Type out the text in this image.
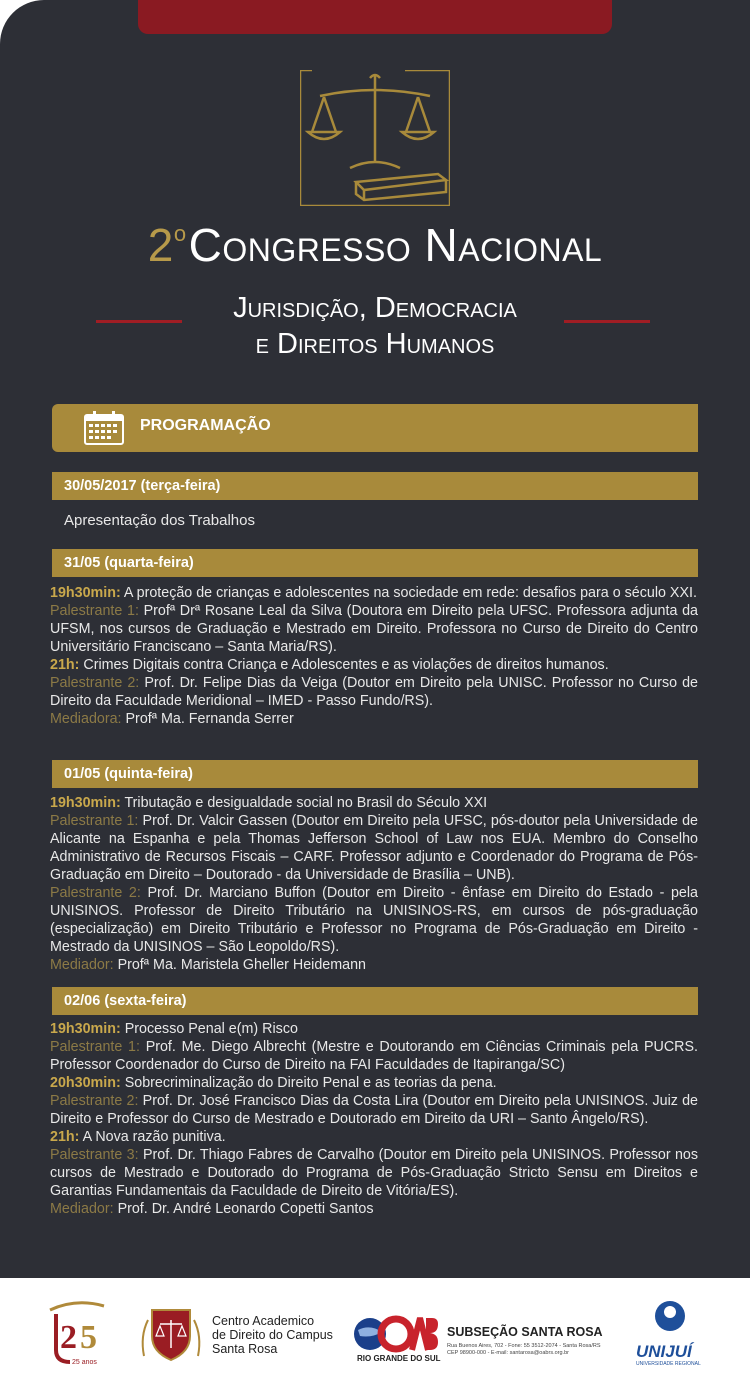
2$^o$Congresso Nacional
Jurisdição, Democracia
e Direitos Humanos
PROGRAMAÇÃO
30/05/2017 (terça-feira)

Apresentação dos Trabalhos

31/05 (quarta-feira)

19h30min: A proteção de crianças e adolescentes na sociedade em rede: desafios para o século XXI.

Palestrante 1: Profª Drª Rosane Leal da Silva (Doutora em Direito pela UFSC. Professora adjunta da UFSM, nos cursos de Graduação e Mestrado em Direito. Professora no Curso de Direito do Centro Universitário Franciscano – Santa Maria/RS).

21h: Crimes Digitais contra Criança e Adolescentes e as violações de direitos humanos.

Palestrante 2: Prof. Dr. Felipe Dias da Veiga (Doutor em Direito pela UNISC. Professor no Curso de Direito da Faculdade Meridional – IMED - Passo Fundo/RS).

Mediadora: Profª Ma. Fernanda Serrer

01/05 (quinta-feira)

19h30min: Tributação e desigualdade social no Brasil do Século XXI

Palestrante 1: Prof. Dr. Valcir Gassen (Doutor em Direito pela UFSC, pós-doutor pela Universidade de Alicante na Espanha e pela Thomas Jefferson School of Law nos EUA. Membro do Conselho Administrativo de Recursos Fiscais – CARF. Professor adjunto e Coordenador do Programa de Pós-Graduação em Direito – Doutorado - da Universidade de Brasília – UNB).

Palestrante 2: Prof. Dr. Marciano Buffon (Doutor em Direito - ênfase em Direito do Estado - pela UNISINOS. Professor de Direito Tributário na UNISINOS-RS, em cursos de pós-graduação (especialização) em Direito Tributário e Professor no Programa de Pós-Graduação em Direito - Mestrado da UNISINOS – São Leopoldo/RS).

Mediador: Profª Ma. Maristela Gheller Heidemann

02/06 (sexta-feira)

19h30min: Processo Penal e(m) Risco

Palestrante 1: Prof. Me. Diego Albrecht (Mestre e Doutorando em Ciências Criminais pela PUCRS. Professor Coordenador do Curso de Direito na FAI Faculdades de Itapiranga/SC)

20h30min: Sobrecriminalização do Direito Penal e as teorias da pena.

Palestrante 2: Prof. Dr. José Francisco Dias da Costa Lira (Doutor em Direito pela UNISINOS. Juiz de Direito e Professor do Curso de Mestrado e Doutorado em Direito da URI – Santo Ângelo/RS).

21h: A Nova razão punitiva.

Palestrante 3: Prof. Dr. Thiago Fabres de Carvalho (Doutor em Direito pela UNISINOS. Professor nos cursos de Mestrado e Doutorado do Programa de Pós-Graduação Stricto Sensu em Direitos e Garantias Fundamentais da Faculdade de Direito de Vitória/ES).

Mediador: Prof. Dr. André Leonardo Copetti Santos

2 5
25 anos
Centro Academico
de Direito do Campus
Santa Rosa
RIO GRANDE DO SUL
SUBSEÇÃO SANTA ROSA
Rua Buenos Aires, 702 - Fone: 55 3512-2074 - Santa Rosa/RS CEP 98900-000 - E-mail: santarosa@oabrs.org.br	UNIJUÍ
UNIVERSIDADE REGIONAL
